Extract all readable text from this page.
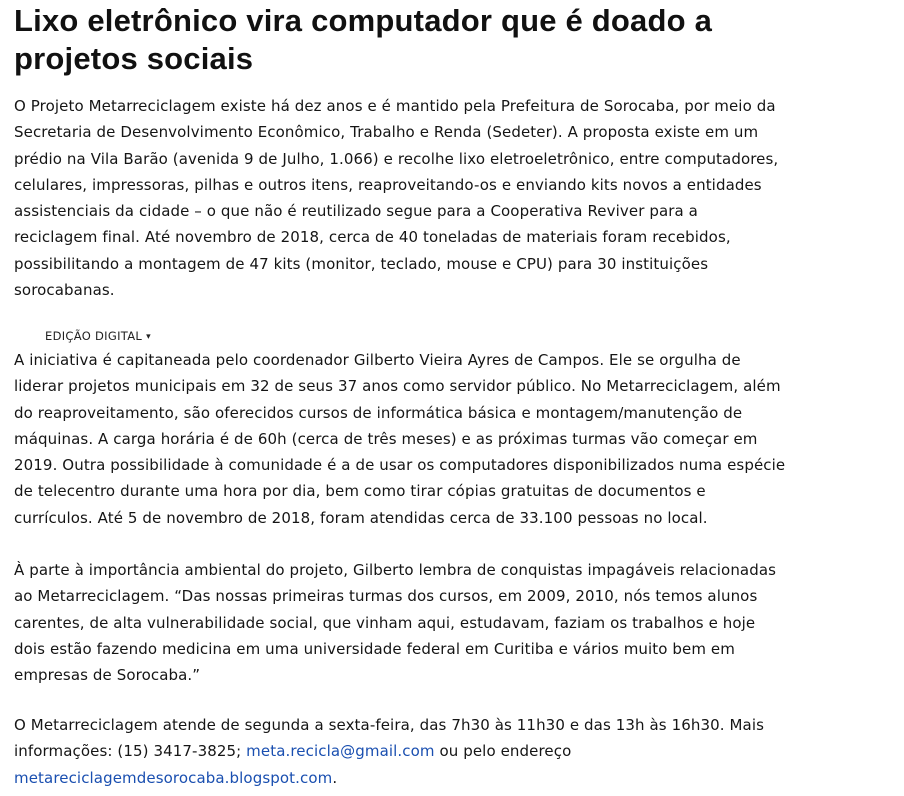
Lixo eletrônico vira computador que é doado a
projetos sociais

O Projeto Metarreciclagem existe há dez anos e é mantido pela Prefeitura de Sorocaba, por meio da
Secretaria de Desenvolvimento Econômico, Trabalho e Renda (Sedeter). A proposta existe em um
prédio na Vila Barão (avenida 9 de Julho, 1.066) e recolhe lixo eletroeletrônico, entre computadores,
celulares, impressoras, pilhas e outros itens, reaproveitando-os e enviando kits novos a entidades
assistenciais da cidade – o que não é reutilizado segue para a Cooperativa Reviver para a
reciclagem final. Até novembro de 2018, cerca de 40 toneladas de materiais foram recebidos,
possibilitando a montagem de 47 kits (monitor, teclado, mouse e CPU) para 30 instituições
sorocabanas.

EDIÇÃO DIGITAL ▾

A iniciativa é capitaneada pelo coordenador Gilberto Vieira Ayres de Campos. Ele se orgulha de
liderar projetos municipais em 32 de seus 37 anos como servidor público. No Metarreciclagem, além
do reaproveitamento, são oferecidos cursos de informática básica e montagem/manutenção de
máquinas. A carga horária é de 60h (cerca de três meses) e as próximas turmas vão começar em
2019. Outra possibilidade à comunidade é a de usar os computadores disponibilizados numa espécie
de telecentro durante uma hora por dia, bem como tirar cópias gratuitas de documentos e
currículos. Até 5 de novembro de 2018, foram atendidas cerca de 33.100 pessoas no local.

À parte à importância ambiental do projeto, Gilberto lembra de conquistas impagáveis relacionadas
ao Metarreciclagem. “Das nossas primeiras turmas dos cursos, em 2009, 2010, nós temos alunos
carentes, de alta vulnerabilidade social, que vinham aqui, estudavam, faziam os trabalhos e hoje
dois estão fazendo medicina em uma universidade federal em Curitiba e vários muito bem em
empresas de Sorocaba.”

O Metarreciclagem atende de segunda a sexta-feira, das 7h30 às 11h30 e das 13h às 16h30. Mais
informações: (15) 3417-3825; meta.recicla@gmail.com ou pelo endereço
metareciclagemdesorocaba.blogspot.com.
